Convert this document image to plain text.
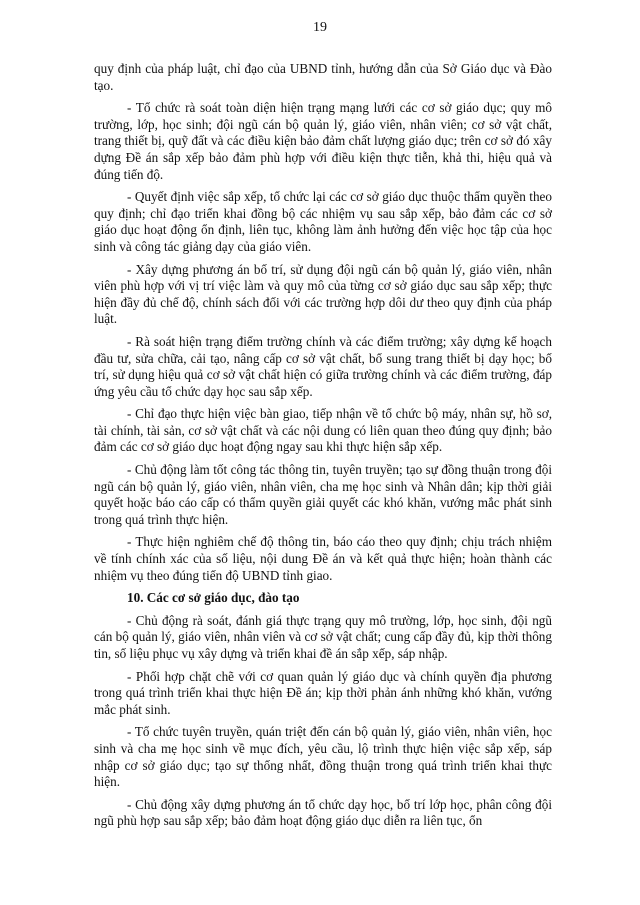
19

quy định của pháp luật, chỉ đạo của UBND tỉnh, hướng dẫn của Sở Giáo dục và Đào tạo.

- Tổ chức rà soát toàn diện hiện trạng mạng lưới các cơ sở giáo dục; quy mô trường, lớp, học sinh; đội ngũ cán bộ quản lý, giáo viên, nhân viên; cơ sở vật chất, trang thiết bị, quỹ đất và các điều kiện bảo đảm chất lượng giáo dục; trên cơ sở đó xây dựng Đề án sắp xếp bảo đảm phù hợp với điều kiện thực tiễn, khả thi, hiệu quả và đúng tiến độ.

- Quyết định việc sắp xếp, tổ chức lại các cơ sở giáo dục thuộc thẩm quyền theo quy định; chỉ đạo triển khai đồng bộ các nhiệm vụ sau sắp xếp, bảo đảm các cơ sở giáo dục hoạt động ổn định, liên tục, không làm ảnh hưởng đến việc học tập của học sinh và công tác giảng dạy của giáo viên.

- Xây dựng phương án bố trí, sử dụng đội ngũ cán bộ quản lý, giáo viên, nhân viên phù hợp với vị trí việc làm và quy mô của từng cơ sở giáo dục sau sắp xếp; thực hiện đầy đủ chế độ, chính sách đối với các trường hợp dôi dư theo quy định của pháp luật.

- Rà soát hiện trạng điểm trường chính và các điểm trường; xây dựng kế hoạch đầu tư, sửa chữa, cải tạo, nâng cấp cơ sở vật chất, bổ sung trang thiết bị dạy học; bố trí, sử dụng hiệu quả cơ sở vật chất hiện có giữa trường chính và các điểm trường, đáp ứng yêu cầu tổ chức dạy học sau sắp xếp.

- Chỉ đạo thực hiện việc bàn giao, tiếp nhận về tổ chức bộ máy, nhân sự, hồ sơ, tài chính, tài sản, cơ sở vật chất và các nội dung có liên quan theo đúng quy định; bảo đảm các cơ sở giáo dục hoạt động ngay sau khi thực hiện sắp xếp.

- Chủ động làm tốt công tác thông tin, tuyên truyền; tạo sự đồng thuận trong đội ngũ cán bộ quản lý, giáo viên, nhân viên, cha mẹ học sinh và Nhân dân; kịp thời giải quyết hoặc báo cáo cấp có thẩm quyền giải quyết các khó khăn, vướng mắc phát sinh trong quá trình thực hiện.

- Thực hiện nghiêm chế độ thông tin, báo cáo theo quy định; chịu trách nhiệm về tính chính xác của số liệu, nội dung Đề án và kết quả thực hiện; hoàn thành các nhiệm vụ theo đúng tiến độ UBND tỉnh giao.

10. Các cơ sở giáo dục, đào tạo

- Chủ động rà soát, đánh giá thực trạng quy mô trường, lớp, học sinh, đội ngũ cán bộ quản lý, giáo viên, nhân viên và cơ sở vật chất; cung cấp đầy đủ, kịp thời thông tin, số liệu phục vụ xây dựng và triển khai đề án sắp xếp, sáp nhập.

- Phối hợp chặt chẽ với cơ quan quản lý giáo dục và chính quyền địa phương trong quá trình triển khai thực hiện Đề án; kịp thời phản ánh những khó khăn, vướng mắc phát sinh.

- Tổ chức tuyên truyền, quán triệt đến cán bộ quản lý, giáo viên, nhân viên, học sinh và cha mẹ học sinh về mục đích, yêu cầu, lộ trình thực hiện việc sắp xếp, sáp nhập cơ sở giáo dục; tạo sự thống nhất, đồng thuận trong quá trình triển khai thực hiện.

- Chủ động xây dựng phương án tổ chức dạy học, bố trí lớp học, phân công đội ngũ phù hợp sau sắp xếp; bảo đảm hoạt động giáo dục diễn ra liên tục, ổn
